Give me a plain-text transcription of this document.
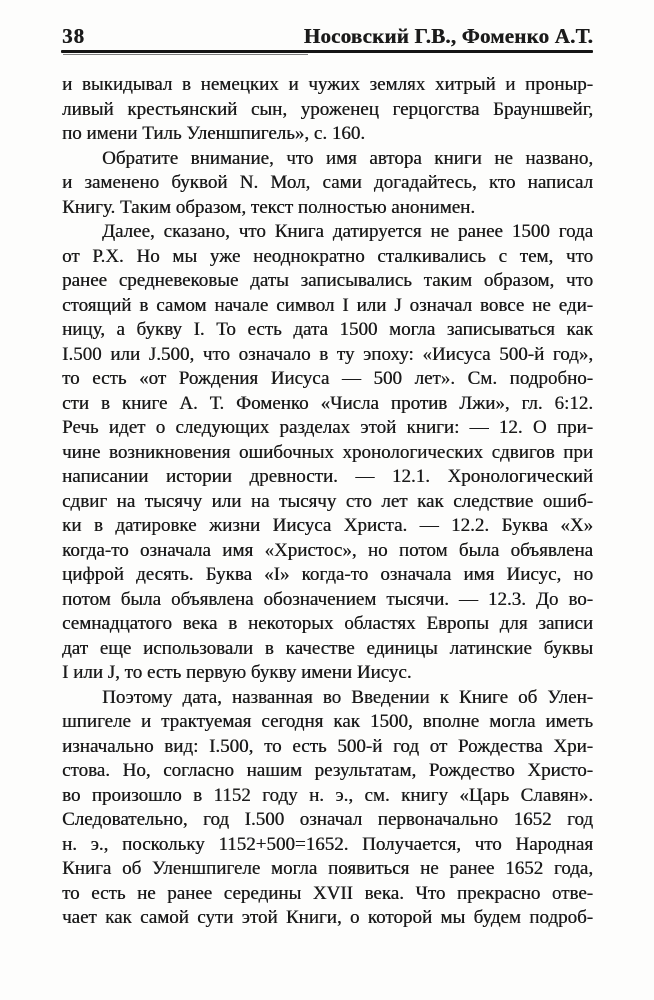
38	Носовский Г.В., Фоменко А.Т.
и выкидывал в немецких и чужих землях хитрый и проныр-
ливый крестьянский сын, уроженец герцогства Брауншвейг,
по имени Тиль Уленшпигель», с. 160.
Обратите внимание, что имя автора книги не названо,
и заменено буквой N. Мол, сами догадайтесь, кто написал
Книгу. Таким образом, текст полностью анонимен.
Далее, сказано, что Книга датируется не ранее 1500 года
от Р.Х. Но мы уже неоднократно сталкивались с тем, что
ранее средневековые даты записывались таким образом, что
стоящий в самом начале символ I или J означал вовсе не еди-
ницу, а букву I. То есть дата 1500 могла записываться как
I.500 или J.500, что означало в ту эпоху: «Иисуса 500-й год»,
то есть «от Рождения Иисуса — 500 лет». См. подробно-
сти в книге А. Т. Фоменко «Числа против Лжи», гл. 6:12.
Речь идет о следующих разделах этой книги: — 12. О при-
чине возникновения ошибочных хронологических сдвигов при
написании истории древности. — 12.1. Хронологический
сдвиг на тысячу или на тысячу сто лет как следствие ошиб-
ки в датировке жизни Иисуса Христа. — 12.2. Буква «Х»
когда-то означала имя «Христос», но потом была объявлена
цифрой десять. Буква «I» когда-то означала имя Иисус, но
потом была объявлена обозначением тысячи. — 12.3. До во-
семнадцатого века в некоторых областях Европы для записи
дат еще использовали в качестве единицы латинские буквы
I или J, то есть первую букву имени Иисус.
Поэтому дата, названная во Введении к Книге об Улен-
шпигеле и трактуемая сегодня как 1500, вполне могла иметь
изначально вид: I.500, то есть 500-й год от Рождества Хри-
стова. Но, согласно нашим результатам, Рождество Христо-
во произошло в 1152 году н. э., см. книгу «Царь Славян».
Следовательно, год I.500 означал первоначально 1652 год
н. э., поскольку 1152+500=1652. Получается, что Народная
Книга об Уленшпигеле могла появиться не ранее 1652 года,
то есть не ранее середины XVII века. Что прекрасно отве-
чает как самой сути этой Книги, о которой мы будем подроб-
